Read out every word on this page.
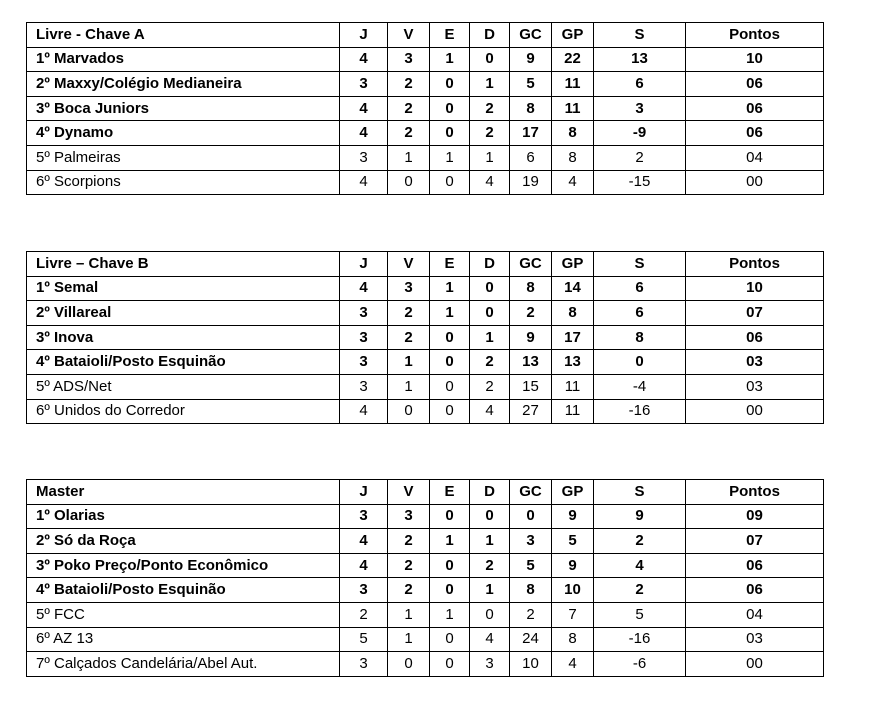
Livre - Chave A	J	V	E	D	GC	GP	S	Pontos
1º Marvados	4	3	1	0	9	22	13	10
2º Maxxy/Colégio Medianeira	3	2	0	1	5	11	6	06
3º Boca Juniors	4	2	0	2	8	11	3	06
4º Dynamo	4	2	0	2	17	8	-9	06
5º Palmeiras	3	1	1	1	6	8	2	04
6º Scorpions	4	0	0	4	19	4	-15	00
Livre – Chave B	J	V	E	D	GC	GP	S	Pontos
1º Semal	4	3	1	0	8	14	6	10
2º Villareal	3	2	1	0	2	8	6	07
3º Inova	3	2	0	1	9	17	8	06
4º Bataioli/Posto Esquinão	3	1	0	2	13	13	0	03
5º ADS/Net	3	1	0	2	15	11	-4	03
6º Unidos do Corredor	4	0	0	4	27	11	-16	00
Master	J	V	E	D	GC	GP	S	Pontos
1º Olarias	3	3	0	0	0	9	9	09
2º Só da Roça	4	2	1	1	3	5	2	07
3º Poko Preço/Ponto Econômico	4	2	0	2	5	9	4	06
4º Bataioli/Posto Esquinão	3	2	0	1	8	10	2	06
5º FCC	2	1	1	0	2	7	5	04
6º AZ 13	5	1	0	4	24	8	-16	03
7º Calçados Candelária/Abel Aut.	3	0	0	3	10	4	-6	00
